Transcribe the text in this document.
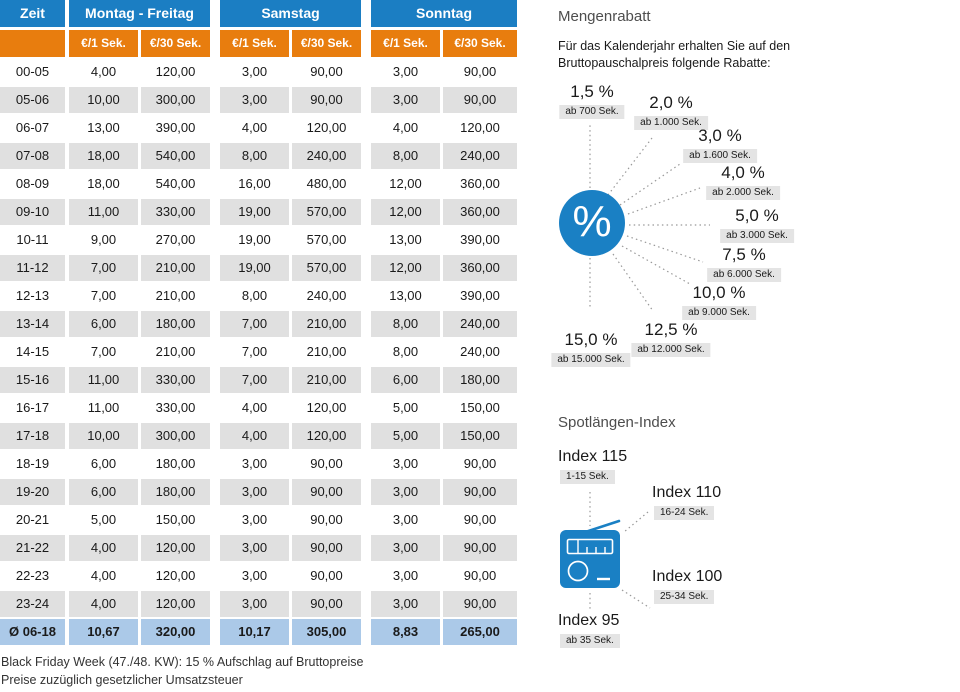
Zeit	Montag - Freitag	Samstag	Sonntag
€/1 Sek.	€/30 Sek.	€/1 Sek.	€/30 Sek.	€/1 Sek.	€/30 Sek.
00-05	4,00	120,00	3,00	90,00	3,00	90,00
05-06	10,00	300,00	3,00	90,00	3,00	90,00
06-07	13,00	390,00	4,00	120,00	4,00	120,00
07-08	18,00	540,00	8,00	240,00	8,00	240,00
08-09	18,00	540,00	16,00	480,00	12,00	360,00
09-10	11,00	330,00	19,00	570,00	12,00	360,00
10-11	9,00	270,00	19,00	570,00	13,00	390,00
11-12	7,00	210,00	19,00	570,00	12,00	360,00
12-13	7,00	210,00	8,00	240,00	13,00	390,00
13-14	6,00	180,00	7,00	210,00	8,00	240,00
14-15	7,00	210,00	7,00	210,00	8,00	240,00
15-16	11,00	330,00	7,00	210,00	6,00	180,00
16-17	11,00	330,00	4,00	120,00	5,00	150,00
17-18	10,00	300,00	4,00	120,00	5,00	150,00
18-19	6,00	180,00	3,00	90,00	3,00	90,00
19-20	6,00	180,00	3,00	90,00	3,00	90,00
20-21	5,00	150,00	3,00	90,00	3,00	90,00
21-22	4,00	120,00	3,00	90,00	3,00	90,00
22-23	4,00	120,00	3,00	90,00	3,00	90,00
23-24	4,00	120,00	3,00	90,00	3,00	90,00
Ø 06-18	10,67	320,00	10,17	305,00	8,83	265,00
Black Friday Week (47./48. KW): 15 % Aufschlag auf Bruttopreise
Preise zuzüglich gesetzlicher Umsatzsteuer
Mengenrabatt
Für das Kalenderjahr erhalten Sie auf den
Bruttopauschalpreis folgende Rabatte:
%
1,5 %
ab 700 Sek.	2,0 %
ab 1.000 Sek.
3,0 %
ab 1.600 Sek.
4,0 %
ab 2.000 Sek.
5,0 %
ab 3.000 Sek.
7,5 %
ab 6.000 Sek.
10,0 %
ab 9.000 Sek.
12,5 %
ab 12.000 Sek.
15,0 %
ab 15.000 Sek.
Spotlängen-Index
Index 115
1-15 Sek.
Index 110
16-24 Sek.
Index 100
25-34 Sek.
Index 95
ab 35 Sek.
